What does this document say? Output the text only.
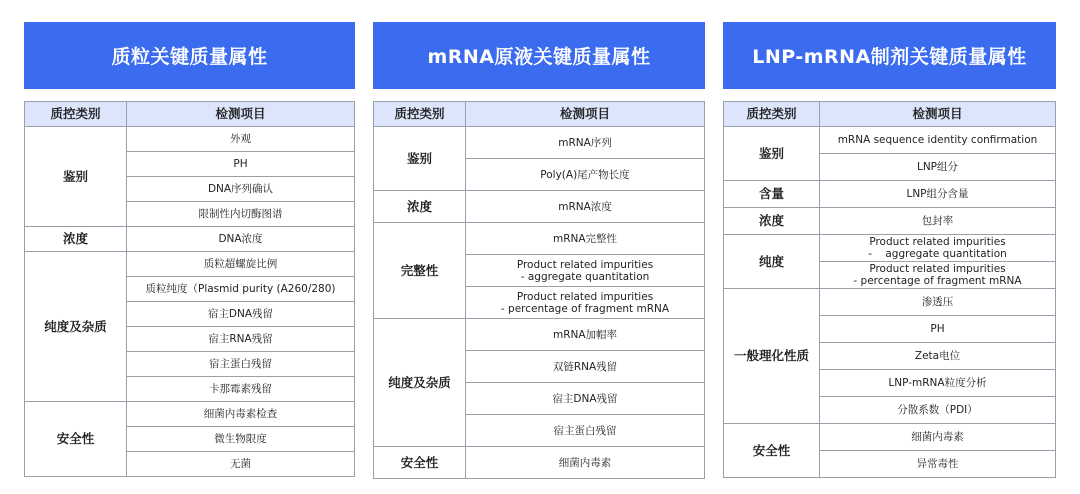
质粒关键质量属性
质控类别	检测项目
鉴别	外观
	PH
	DNA序列确认
	限制性内切酶图谱
浓度	DNA浓度
纯度及杂质	质粒超螺旋比例
	质粒纯度（Plasmid purity (A260/280)
	宿主DNA残留
	宿主RNA残留
	宿主蛋白残留
	卡那霉素残留
安全性	细菌内毒素检查
	微生物限度
	无菌
mRNA原液关键质量属性
质控类别	检测项目
鉴别	mRNA序列
	Poly(A)尾产物长度
浓度	mRNA浓度
完整性	mRNA完整性
	Product related impurities
- aggregate quantitation
	Product related impurities
- percentage of fragment mRNA
纯度及杂质	mRNA加帽率
	双链RNA残留
	宿主DNA残留
	宿主蛋白残留
安全性	细菌内毒素
LNP-mRNA制剂关键质量属性
质控类别	检测项目
鉴别	mRNA sequence identity confirmation
	LNP组分
含量	LNP组分含量
浓度	包封率
纯度	Product related impurities
-    aggregate quantitation
	Product related impurities
- percentage of fragment mRNA
一般理化性质	渗透压
	PH
	Zeta电位
	LNP-mRNA粒度分析
	分散系数（PDI）
安全性	细菌内毒素
	异常毒性
